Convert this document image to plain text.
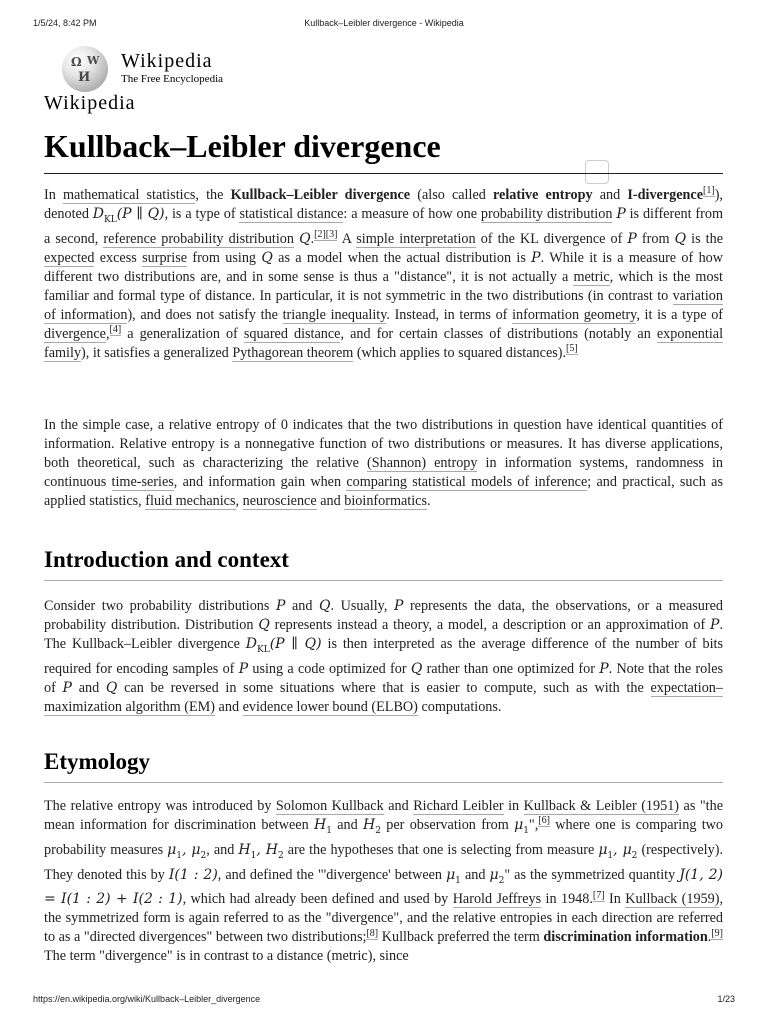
1/5/24, 8:42 PM	Kullback–Leibler divergence - Wikipedia
Ω W
И
Wikipedia
The Free Encyclopedia
Wikipedia
Kullback–Leibler divergence

In mathematical statistics, the Kullback–Leibler divergence (also called relative entropy and I-divergence[1]), denoted $D_{KL}(P$ ∥ Q), is a type of statistical distance: a measure of how one probability distribution P is different from a second, reference probability distribution Q.[2][3] A simple interpretation of the KL divergence of P from Q is the expected excess surprise from using Q as a model when the actual distribution is P. While it is a measure of how different two distributions are, and in some sense is thus a "distance", it is not actually a metric, which is the most familiar and formal type of distance. In particular, it is not symmetric in the two distributions (in contrast to variation of information), and does not satisfy the triangle inequality. Instead, in terms of information geometry, it is a type of divergence,[4] a generalization of squared distance, and for certain classes of distributions (notably an exponential family), it satisfies a generalized Pythagorean theorem (which applies to squared distances).[5]

In the simple case, a relative entropy of 0 indicates that the two distributions in question have identical quantities of information. Relative entropy is a nonnegative function of two distributions or measures. It has diverse applications, both theoretical, such as characterizing the relative (Shannon) entropy in information systems, randomness in continuous time-series, and information gain when comparing statistical models of inference; and practical, such as applied statistics, fluid mechanics, neuroscience and bioinformatics.

Introduction and context

Consider two probability distributions P and Q. Usually, P represents the data, the observations, or a measured probability distribution. Distribution Q represents instead a theory, a model, a description or an approximation of P. The Kullback–Leibler divergence $D_{KL}(P$ ∥ Q) is then interpreted as the average difference of the number of bits required for encoding samples of P using a code optimized for Q rather than one optimized for P. Note that the roles of P and Q can be reversed in some situations where that is easier to compute, such as with the expectation–maximization algorithm (EM) and evidence lower bound (ELBO) computations.

Etymology

The relative entropy was introduced by Solomon Kullback and Richard Leibler in Kullback & Leibler (1951) as "the mean information for discrimination between $H_1$ and $H_2$ per observation from $\mu_1",[6]$ where one is comparing two probability measures $\mu_1$, $\mu_2$, and $H_1$, $H_2$ are the hypotheses that one is selecting from measure $\mu_1$, $\mu_2$ (respectively). They denoted this by I(1 : 2), and defined the "'divergence' between $\mu_1$ and $\mu_2$" as the symmetrized quantity J(1, 2) = I(1 : 2) + I(2 : 1), which had already been defined and used by Harold Jeffreys in 1948.[7] In Kullback (1959), the symmetrized form is again referred to as the "divergence", and the relative entropies in each direction are referred to as a "directed divergences" between two distributions;[8] Kullback preferred the term discrimination information.[9] The term "divergence" is in contrast to a distance (metric), since

https://en.wikipedia.org/wiki/Kullback–Leibler_divergence	1/23
